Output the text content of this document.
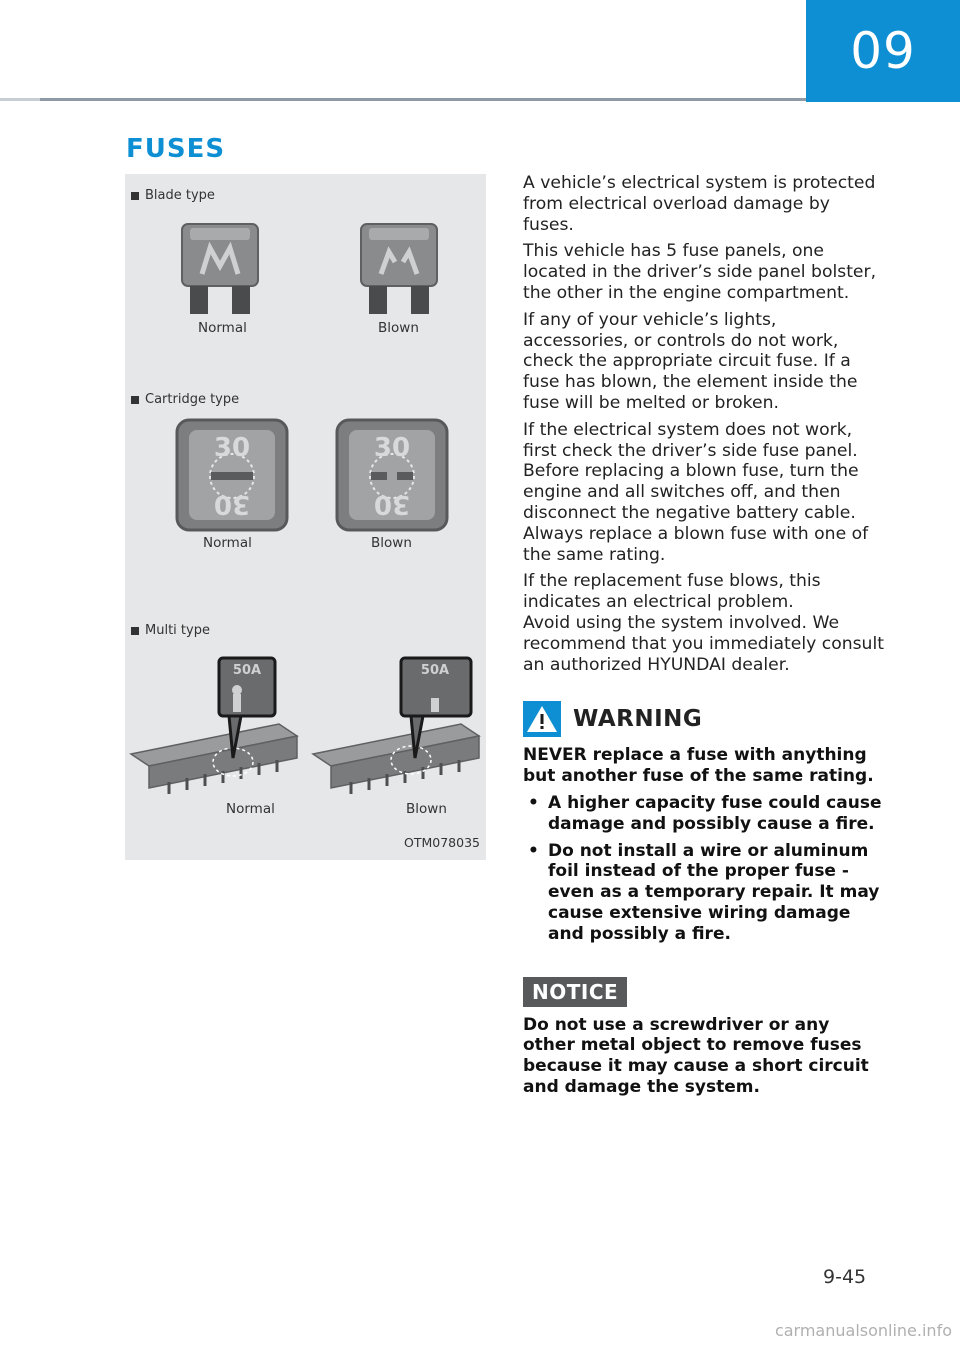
09
FUSES
Blade type
Normal	Blown
Cartridge type
30
30
30
30
Normal	Blown
Multi type
50A	50A
Normal	Blown
OTM078035

A vehicle’s electrical system is protected from electrical overload damage by fuses.

This vehicle has 5 fuse panels, one located in the driver’s side panel bolster, the other in the engine compartment.

If any of your vehicle’s lights, accessories, or controls do not work, check the appropriate circuit fuse. If a fuse has blown, the element inside the fuse will be melted or broken.

If the electrical system does not work, first check the driver’s side fuse panel. Before replacing a blown fuse, turn the engine and all switches off, and then disconnect the negative battery cable. Always replace a blown fuse with one of the same rating.

If the replacement fuse blows, this indicates an electrical problem.
Avoid using the system involved. We recommend that you immediately consult an authorized HYUNDAI dealer.

WARNING

NEVER replace a fuse with anything but another fuse of the same rating.

• A higher capacity fuse could cause damage and possibly cause a fire.
• Do not install a wire or aluminum foil instead of the proper fuse - even as a temporary repair. It may cause extensive wiring damage and possibly a fire.
NOTICE

Do not use a screwdriver or any other metal object to remove fuses because it may cause a short circuit and damage the system.

9-45
carmanualsonline.info
